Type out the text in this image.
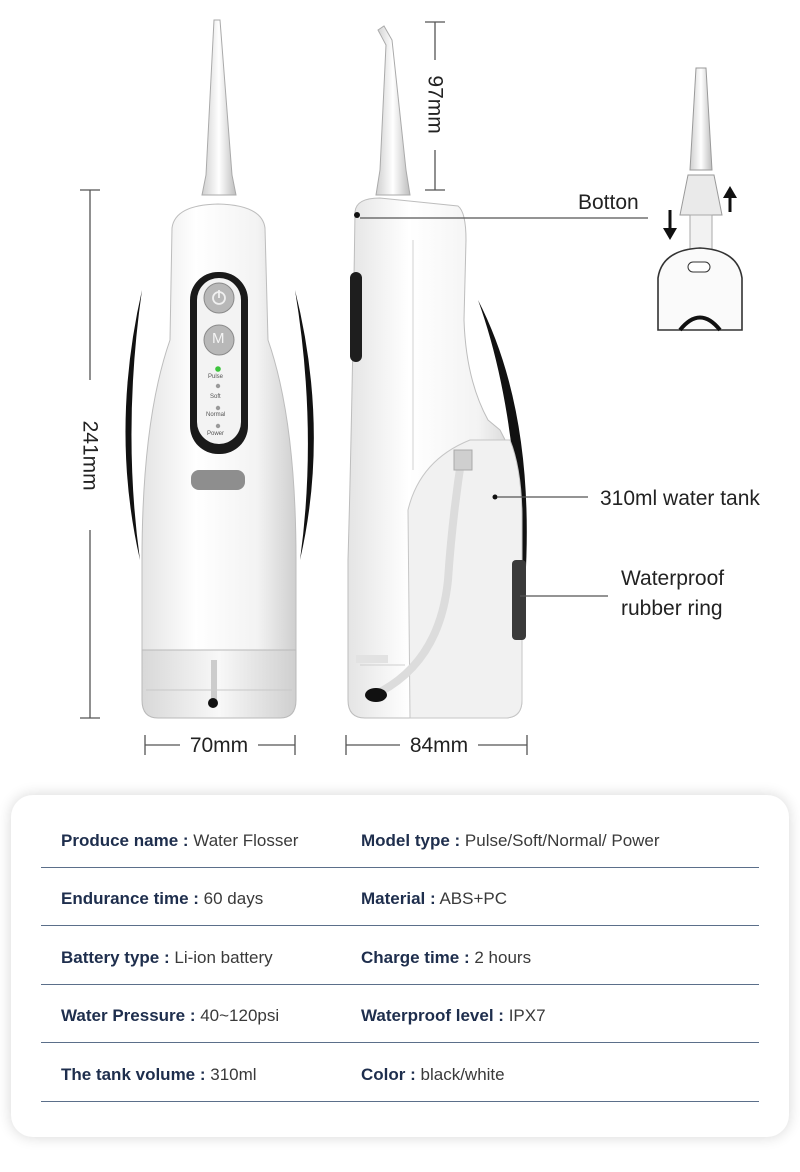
241mm
70mm	84mm
97mm
Botton
310ml water tank
Waterproof
rubber ring
M
Pulse
Soft
Normal
Power
Produce name : Water Flosser	Model type : Pulse/Soft/Normal/ Power
Endurance time : 60 days	Material : ABS+PC
Battery type : Li-ion battery	Charge time : 2 hours
Water Pressure : 40~120psi	Waterproof level : IPX7
The tank volume : 310ml	Color : black/white
